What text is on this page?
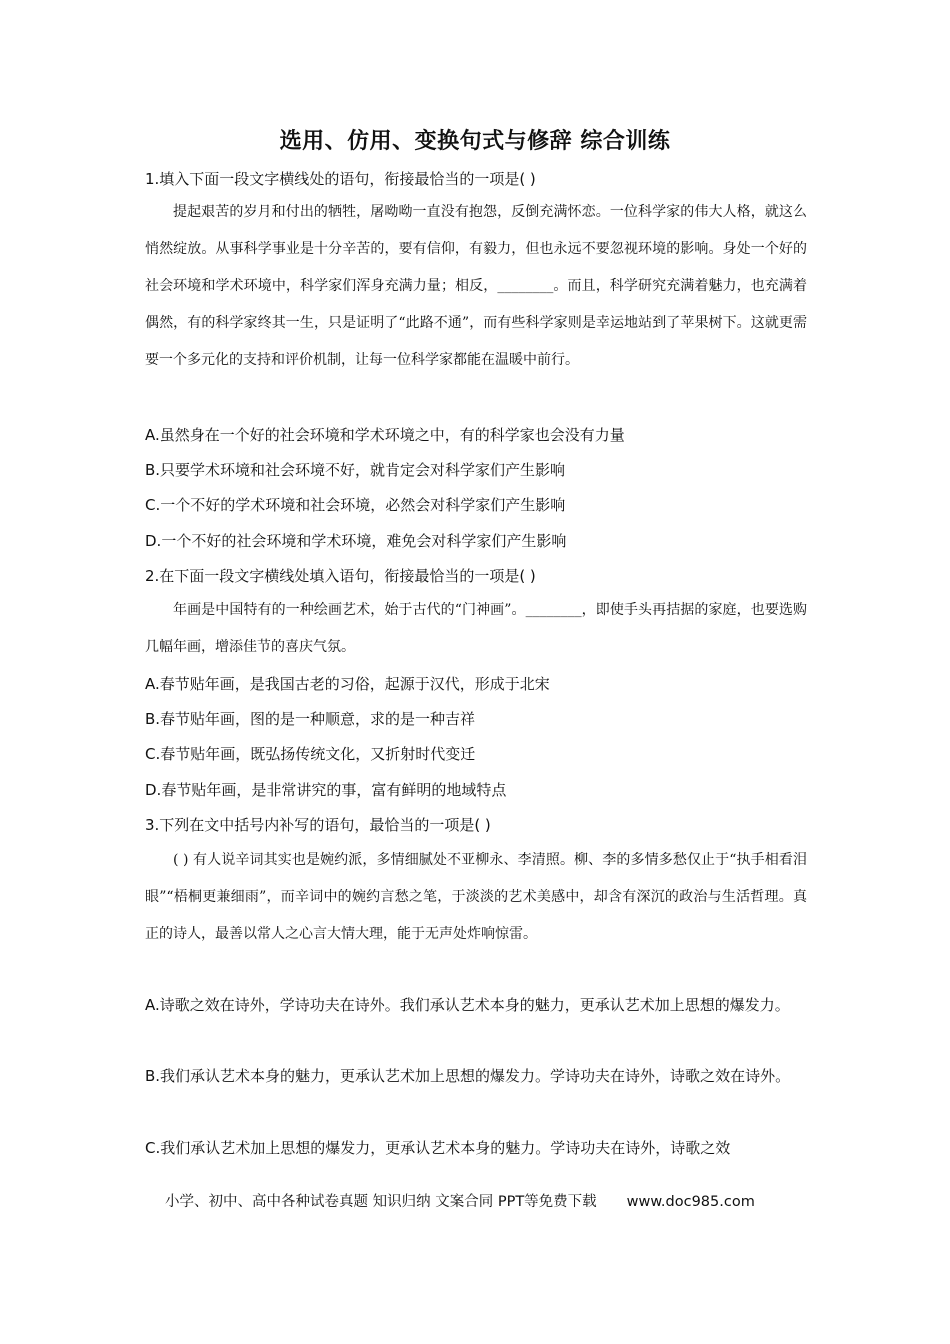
选用、仿用、变换句式与修辞 综合训练
1.填入下面一段文字横线处的语句，衔接最恰当的一项是( )
提起艰苦的岁月和付出的牺牲，屠呦呦一直没有抱怨，反倒充满怀恋。一位科学家的伟大人格，就这么悄然绽放。从事科学事业是十分辛苦的，要有信仰，有毅力，但也永远不要忽视环境的影响。身处一个好的社会环境和学术环境中，科学家们浑身充满力量；相反，________。而且，科学研究充满着魅力，也充满着偶然，有的科学家终其一生，只是证明了“此路不通”，而有些科学家则是幸运地站到了苹果树下。这就更需要一个多元化的支持和评价机制，让每一位科学家都能在温暖中前行。
A.虽然身在一个好的社会环境和学术环境之中，有的科学家也会没有力量
B.只要学术环境和社会环境不好，就肯定会对科学家们产生影响
C.一个不好的学术环境和社会环境，必然会对科学家们产生影响
D.一个不好的社会环境和学术环境，难免会对科学家们产生影响
2.在下面一段文字横线处填入语句，衔接最恰当的一项是( )
年画是中国特有的一种绘画艺术，始于古代的“门神画”。________，即使手头再拮据的家庭，也要选购几幅年画，增添佳节的喜庆气氛。
A.春节贴年画，是我国古老的习俗，起源于汉代，形成于北宋
B.春节贴年画，图的是一种顺意，求的是一种吉祥
C.春节贴年画，既弘扬传统文化，又折射时代变迁
D.春节贴年画，是非常讲究的事，富有鲜明的地域特点
3.下列在文中括号内补写的语句，最恰当的一项是( )
( ) 有人说辛词其实也是婉约派，多情细腻处不亚柳永、李清照。柳、李的多情多愁仅止于“执手相看泪眼”“梧桐更兼细雨”，而辛词中的婉约言愁之笔，于淡淡的艺术美感中，却含有深沉的政治与生活哲理。真正的诗人，最善以常人之心言大情大理，能于无声处炸响惊雷。
A.诗歌之效在诗外，学诗功夫在诗外。我们承认艺术本身的魅力，更承认艺术加上思想的爆发力。
B.我们承认艺术本身的魅力，更承认艺术加上思想的爆发力。学诗功夫在诗外，诗歌之效在诗外。
C.我们承认艺术加上思想的爆发力，更承认艺术本身的魅力。学诗功夫在诗外，诗歌之效
小学、初中、高中各种试卷真题 知识归纳 文案合同 PPT等免费下载 www.doc985.com
